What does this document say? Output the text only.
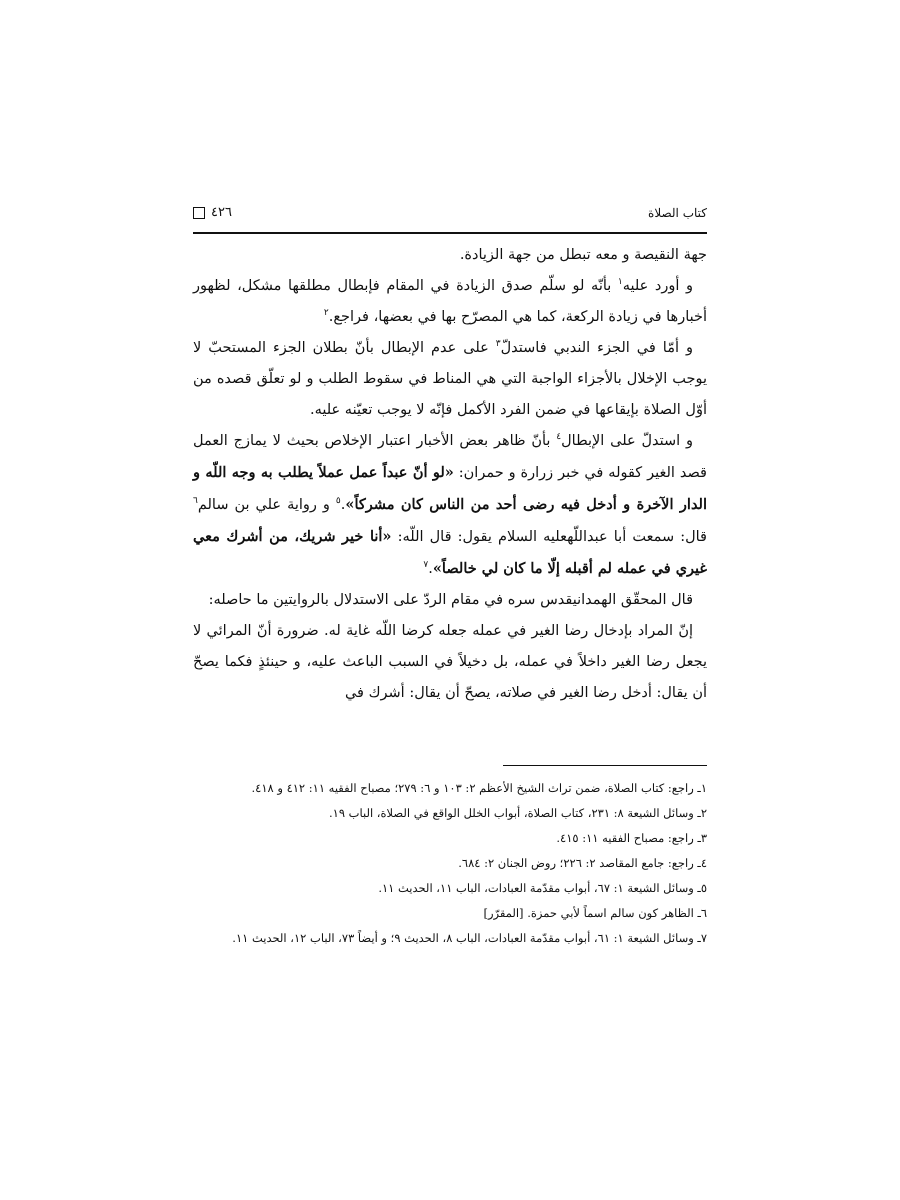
كتاب الصلاة
٤٢٦

جهة النقيصة و معه تبطل من جهة الزيادة.

و أورد عليه$^١$ بأنّه لو سلّم صدق الزيادة في المقام فإبطال مطلقها مشكل، لظهور أخبارها في زيادة الركعة، كما هي المصرّح بها في بعضها، فراجع.$^٢$

و أمّا في الجزء الندبي فاستدلّ$^٣$ على عدم الإبطال بأنّ بطلان الجزء المستحبّ لا يوجب الإخلال بالأجزاء الواجبة التي هي المناط في سقوط الطلب و لو تعلّق قصده من أوّل الصلاة بإيقاعها في ضمن الفرد الأكمل فإنّه لا يوجب تعيّنه عليه.

و استدلّ على الإبطال$^٤$ بأنّ ظاهر بعض الأخبار اعتبار الإخلاص بحيث لا يمازج العمل قصد الغير كقوله في خبر زرارة و حمران: «لو أنّ عبداً عمل عملاً يطلب به وجه اللّه و الدار الآخرة و أدخل فيه رضى أحد من الناس كان مشركاً».$^٥$ و رواية علي بن سالم$^٦$ قال: سمعت أبا عبداللّه‏عليه السلام يقول: قال اللّه: «أنا خير شريك، من أشرك معي غيري في عمله لم أقبله إلّا ما كان لي خالصاً».$^٧$

قال المحقّق الهمداني‏قدس سره في مقام الردّ على الاستدلال بالروايتين ما حاصله:

إنّ المراد بإدخال رضا الغير في عمله جعله كرضا اللّه غاية له. ضرورة أنّ المرائي لا يجعل رضا الغير داخلاً في عمله، بل دخيلاً في السبب الباعث عليه، و حينئذٍ فكما يصحّ أن يقال: أدخل رضا الغير في صلاته، يصحّ أن يقال: أشرك في

١ـ راجع: كتاب الصلاة، ضمن تراث الشيخ الأعظم ٢: ١٠٣ و ٦: ٢٧٩؛ مصباح الفقيه ١١: ٤١٢ و ٤١٨.
٢ـ وسائل الشيعة ٨: ٢٣١، كتاب الصلاة، أبواب الخلل الواقع في الصلاة، الباب ١٩.
٣ـ راجع: مصباح الفقيه ١١: ٤١٥.
٤ـ راجع: جامع المقاصد ٢: ٢٢٦؛ روض الجنان ٢: ٦٨٤.
٥ـ وسائل الشيعة ١: ٦٧، أبواب مقدّمة العبادات، الباب ١١، الحديث ١١.
٦ـ الظاهر كون سالم اسماً لأبي حمزة. [المقرّر]
٧ـ وسائل الشيعة ١: ٦١، أبواب مقدّمة العبادات، الباب ٨، الحديث ٩؛ و أيضاً ٧٣، الباب ١٢، الحديث ١١.
